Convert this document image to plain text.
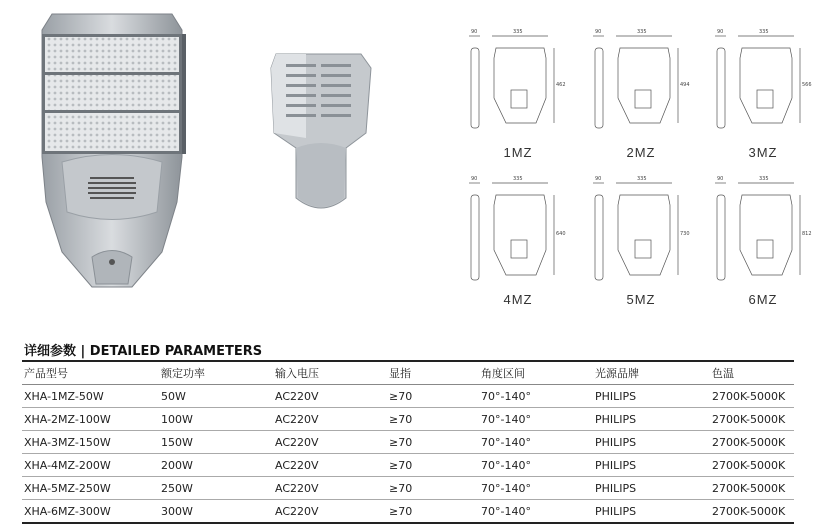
90	335
462
1MZ
90	335
494
2MZ
90	335
566
3MZ
90	335
640
4MZ
90	335
730
5MZ
90	335
812
6MZ
详细参数 | DETAILED PARAMETERS
产品型号	额定功率	输入电压	显指	角度区间	光源品牌	色温
XHA-1MZ-50W	50W	AC220V	≥70	70°-140°	PHILIPS	2700K-5000K
XHA-2MZ-100W	100W	AC220V	≥70	70°-140°	PHILIPS	2700K-5000K
XHA-3MZ-150W	150W	AC220V	≥70	70°-140°	PHILIPS	2700K-5000K
XHA-4MZ-200W	200W	AC220V	≥70	70°-140°	PHILIPS	2700K-5000K
XHA-5MZ-250W	250W	AC220V	≥70	70°-140°	PHILIPS	2700K-5000K
XHA-6MZ-300W	300W	AC220V	≥70	70°-140°	PHILIPS	2700K-5000K
